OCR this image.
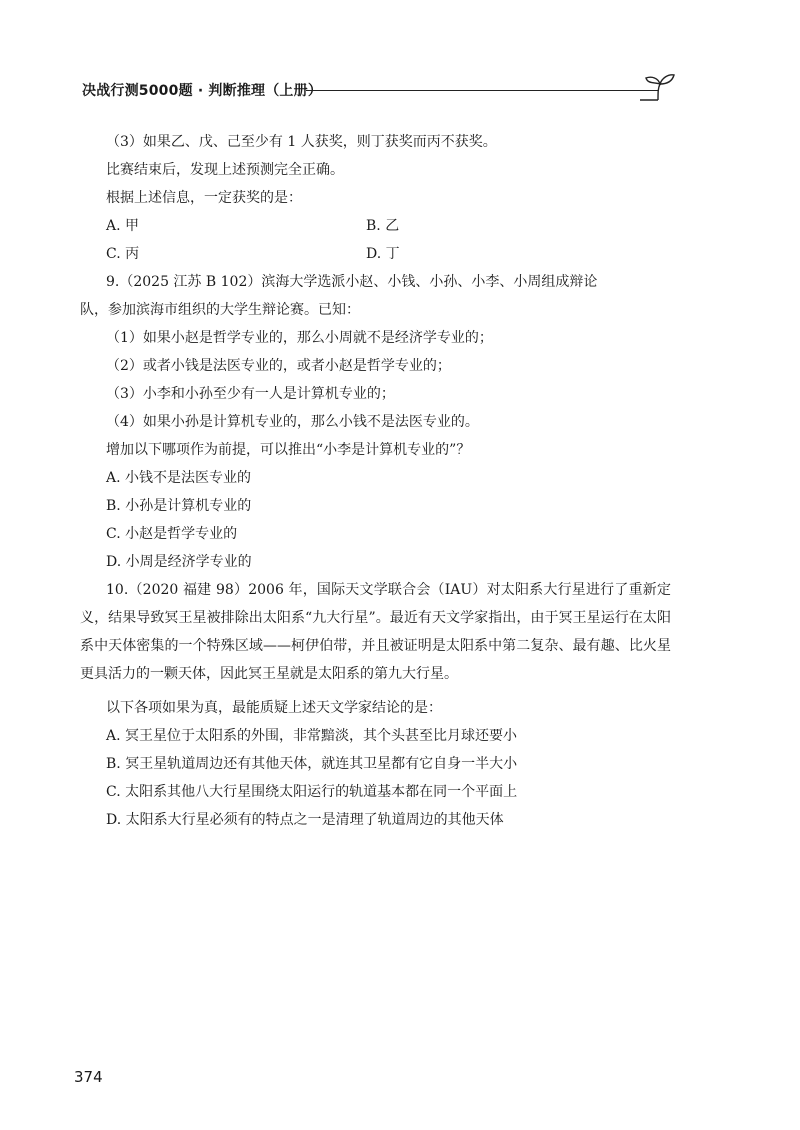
决战行测5000题 · 判断推理（上册）
（3）如果乙、戊、己至少有 1 人获奖，则丁获奖而丙不获奖。
比赛结束后，发现上述预测完全正确。
根据上述信息，一定获奖的是：
A. 甲	B. 乙
C. 丙	D. 丁
9.（2025 江苏 B 102）滨海大学选派小赵、小钱、小孙、小李、小周组成辩论
队，参加滨海市组织的大学生辩论赛。已知：
（1）如果小赵是哲学专业的，那么小周就不是经济学专业的；
（2）或者小钱是法医专业的，或者小赵是哲学专业的；
（3）小李和小孙至少有一人是计算机专业的；
（4）如果小孙是计算机专业的，那么小钱不是法医专业的。
增加以下哪项作为前提，可以推出“小李是计算机专业的”？
A. 小钱不是法医专业的
B. 小孙是计算机专业的
C. 小赵是哲学专业的
D. 小周是经济学专业的
10.（2020 福建 98）2006 年，国际天文学联合会（IAU）对太阳系大行星进行了重新定义，结果导致冥王星被排除出太阳系“九大行星”。最近有天文学家指出，由于冥王星运行在太阳系中天体密集的一个特殊区域——柯伊伯带，并且被证明是太阳系中第二复杂、最有趣、比火星更具活力的一颗天体，因此冥王星就是太阳系的第九大行星。
以下各项如果为真，最能质疑上述天文学家结论的是：
A. 冥王星位于太阳系的外围，非常黯淡，其个头甚至比月球还要小
B. 冥王星轨道周边还有其他天体，就连其卫星都有它自身一半大小
C. 太阳系其他八大行星围绕太阳运行的轨道基本都在同一个平面上
D. 太阳系大行星必须有的特点之一是清理了轨道周边的其他天体
374
